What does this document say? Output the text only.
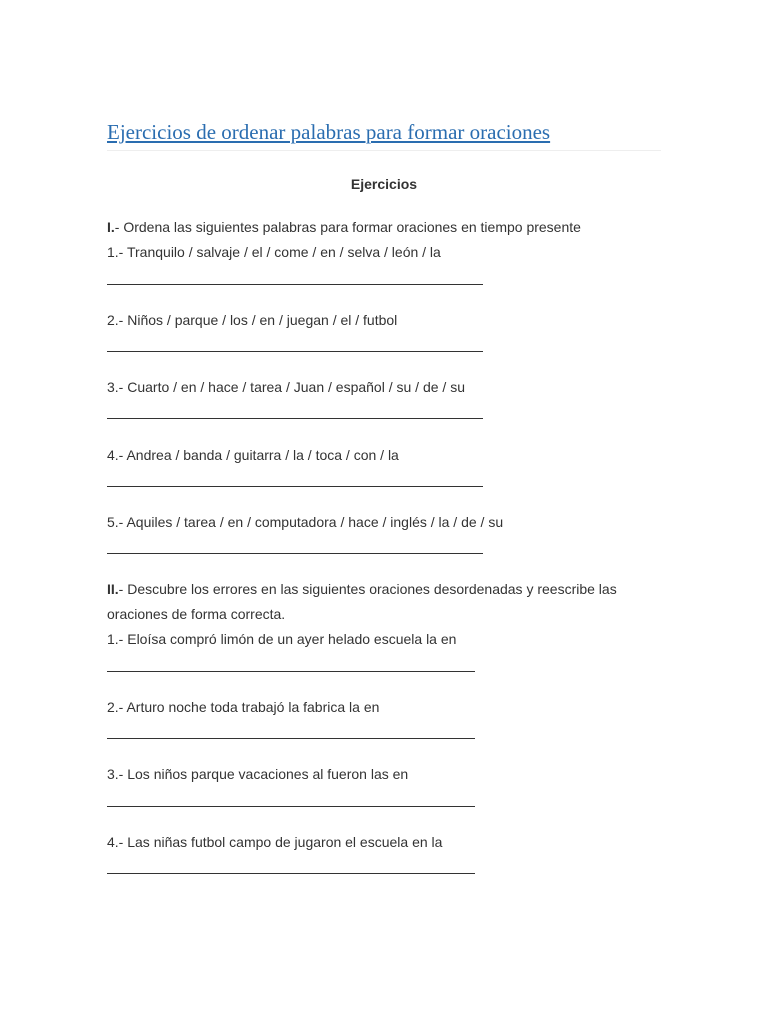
Ejercicios de ordenar palabras para formar oraciones
Ejercicios
I.- Ordena las siguientes palabras para formar oraciones en tiempo presente
1.- Tranquilo / salvaje / el / come / en / selva / león / la
2.- Niños / parque / los / en / juegan / el / futbol
3.- Cuarto / en / hace / tarea / Juan / español / su / de / su
4.- Andrea / banda / guitarra / la / toca / con / la
5.- Aquiles / tarea / en / computadora / hace / inglés / la / de / su
II.- Descubre los errores en las siguientes oraciones desordenadas y reescribe las
oraciones de forma correcta.
1.- Eloísa compró limón de un ayer helado escuela la en
2.- Arturo noche toda trabajó la fabrica la en
3.- Los niños parque vacaciones al fueron las en
4.- Las niñas futbol campo de jugaron el escuela en la
